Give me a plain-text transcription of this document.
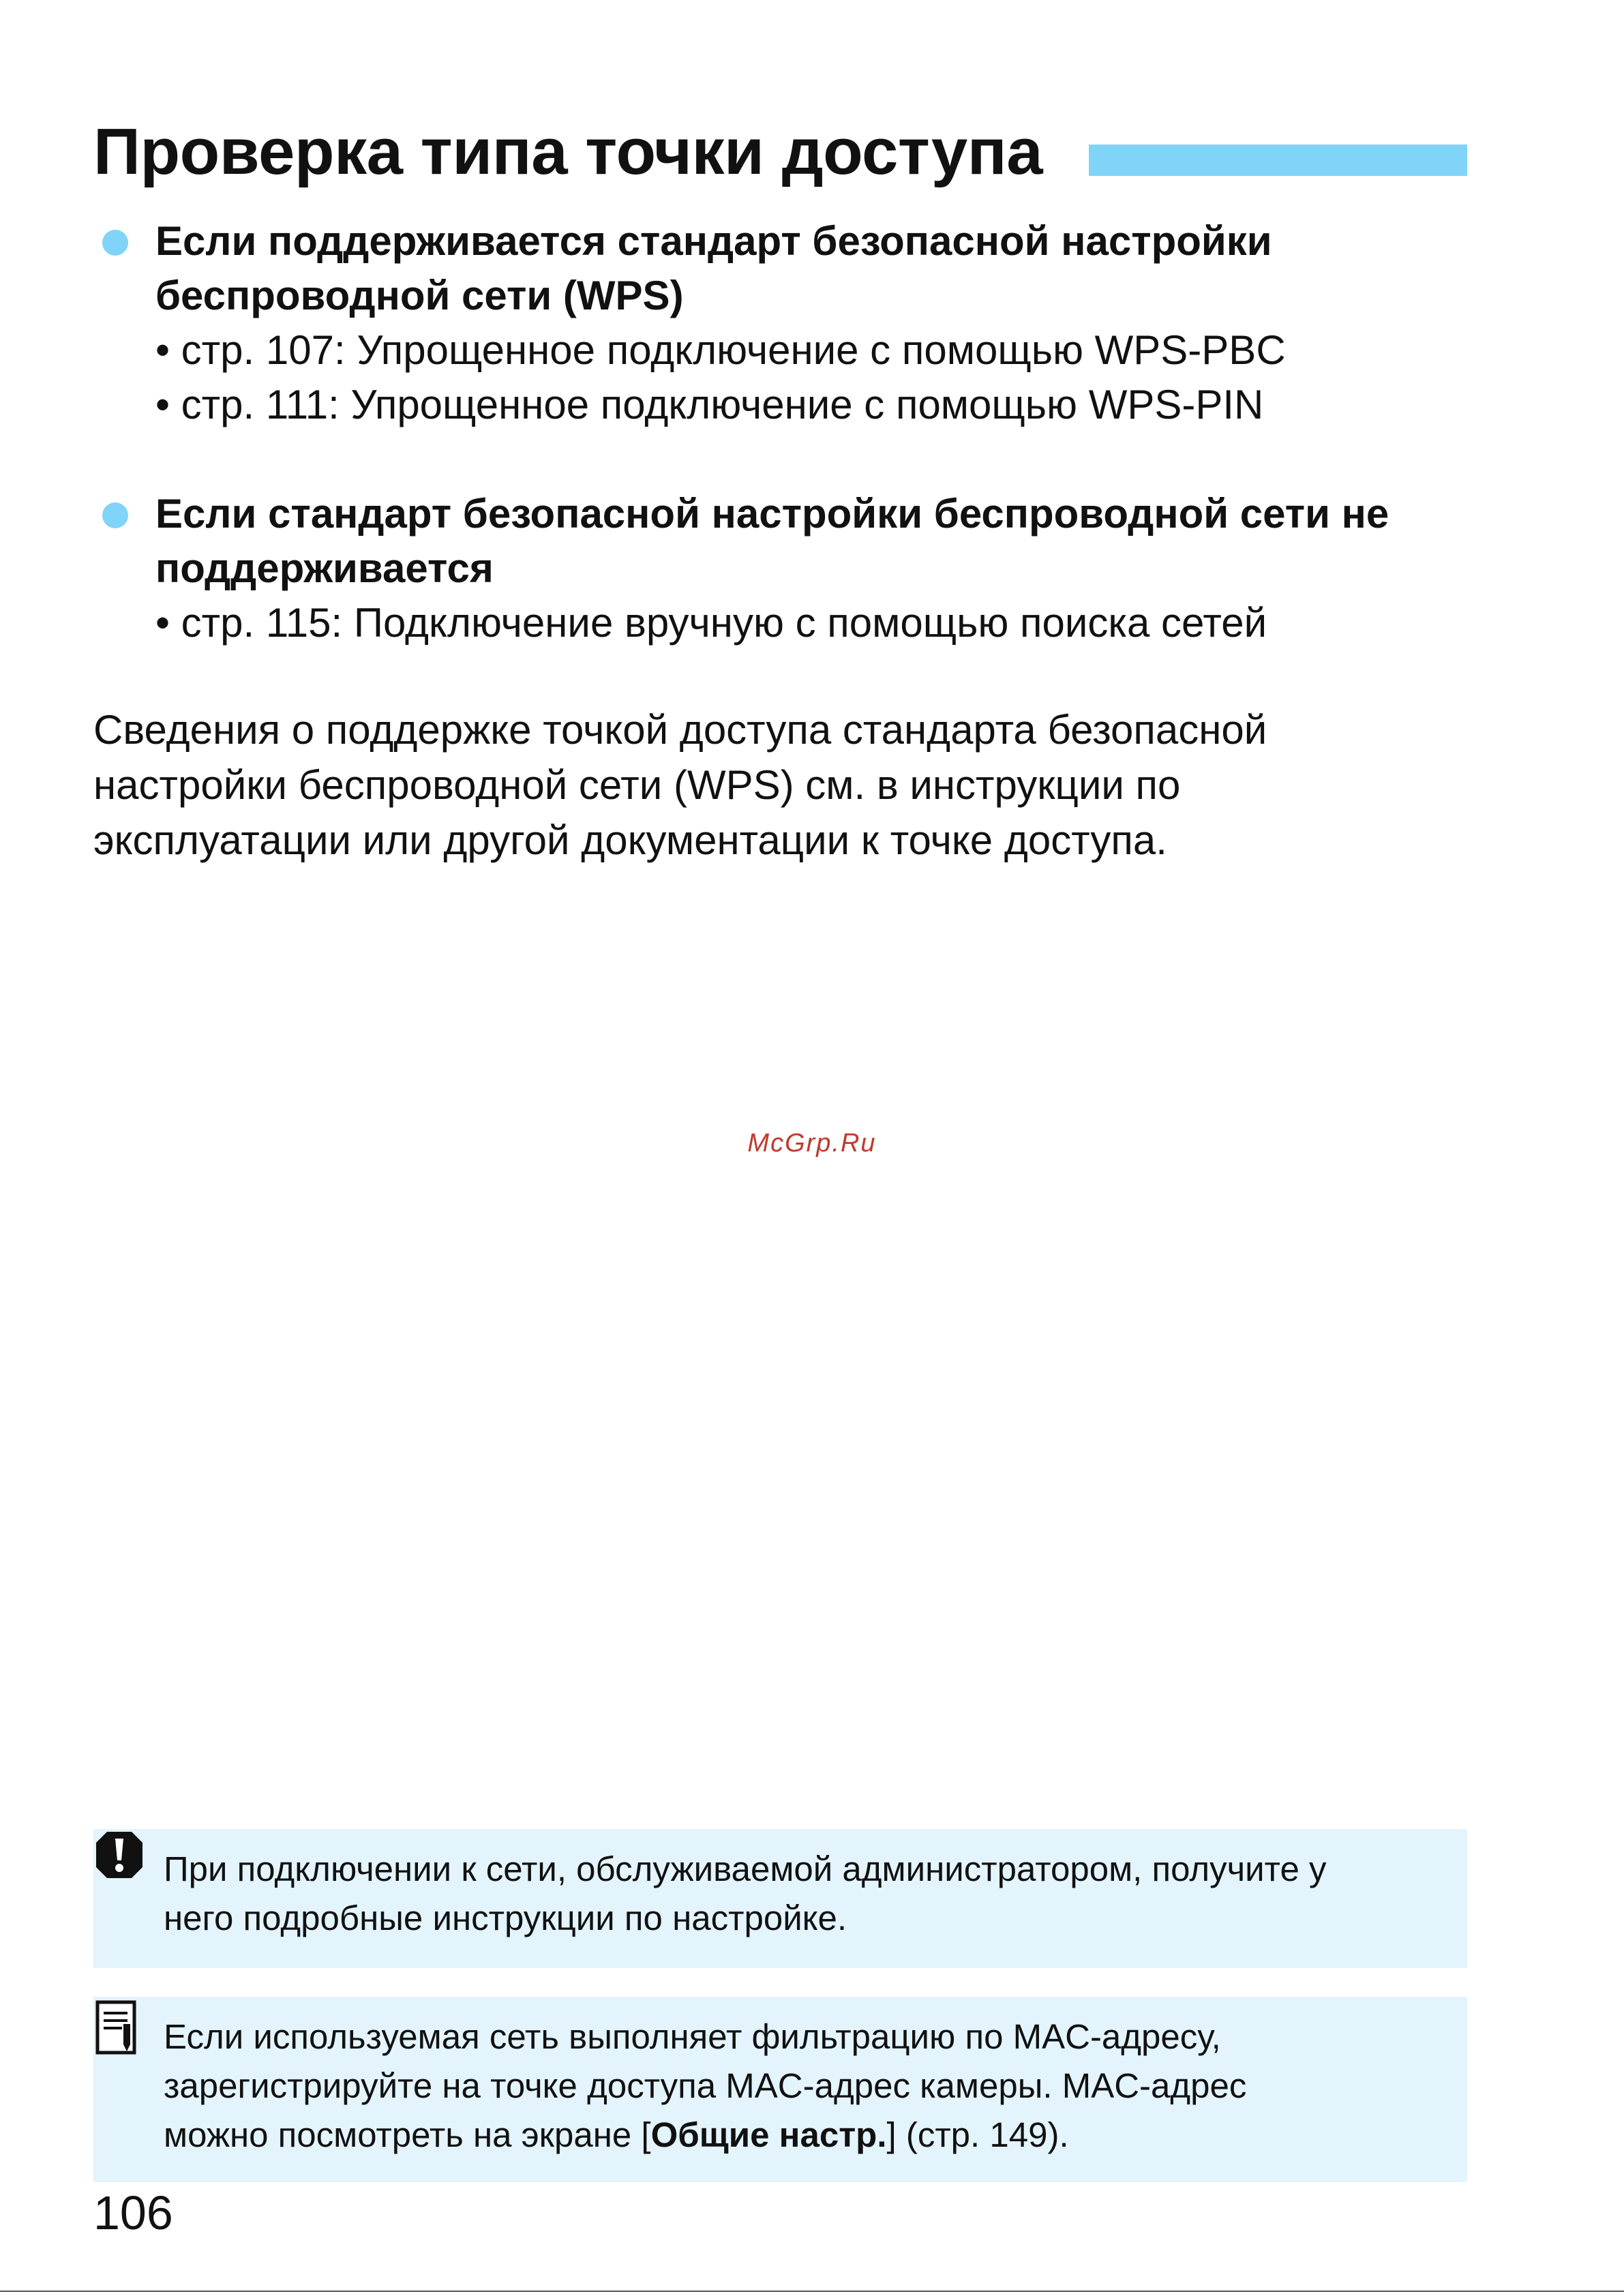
Проверка типа точки доступа
Если поддерживается стандарт безопасной настройки
беспроводной сети (WPS)
• стр. 107: Упрощенное подключение с помощью WPS-PBC
• стр. 111: Упрощенное подключение с помощью WPS-PIN
Если стандарт безопасной настройки беспроводной сети не
поддерживается
• стр. 115: Подключение вручную с помощью поиска сетей
Сведения о поддержке точкой доступа стандарта безопасной
настройки беспроводной сети (WPS) см. в инструкции по
эксплуатации или другой документации к точке доступа.
McGrp.Ru
При подключении к сети, обслуживаемой администратором, получите у
него подробные инструкции по настройке.
Если используемая сеть выполняет фильтрацию по MAC-адресу,
зарегистрируйте на точке доступа MAC-адрес камеры. MAC-адрес
можно посмотреть на экране [Общие настр.] (стр. 149).
106
